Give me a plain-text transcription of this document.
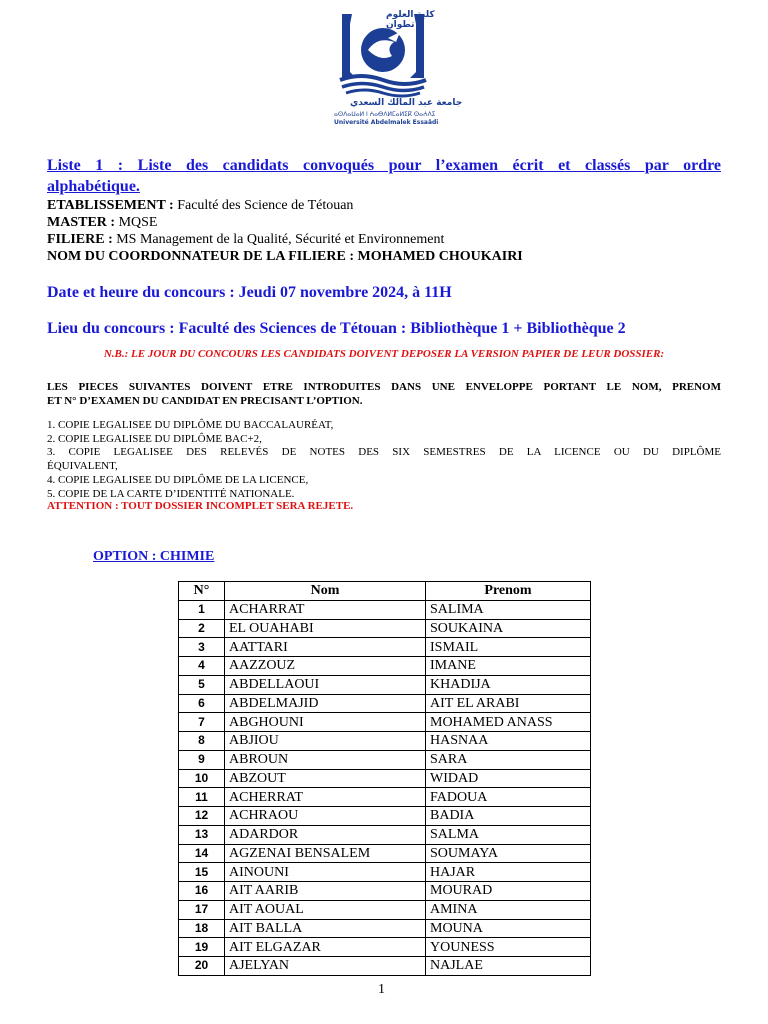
كلية العلوم تطوان
جامعة عبد المالك السعدي
ⴰⵙⴷⴰⵡⴰⵍ ⵏ ⵄⴰⴱⴷⵍⵎⴰⵍⵉⴽ ⵙⴰⵄⴷⵉ
Université Abdelmalek Essaâdi
Liste 1 : Liste des candidats convoqués pour l’examen écrit et classés par ordre
alphabétique.
ETABLISSEMENT : Faculté des Science de Tétouan
MASTER : MQSE
FILIERE : MS Management de la Qualité, Sécurité et Environnement
NOM DU COORDONNATEUR DE LA FILIERE : MOHAMED CHOUKAIRI
Date et heure du concours : Jeudi 07 novembre 2024, à 11H
Lieu du concours : Faculté des Sciences de Tétouan : Bibliothèque 1 + Bibliothèque 2
N.B.: LE JOUR DU CONCOURS LES CANDIDATS DOIVENT DEPOSER LA VERSION PAPIER DE LEUR DOSSIER:
LES PIECES SUIVANTES DOIVENT ETRE INTRODUITES DANS UNE ENVELOPPE PORTANT LE NOM, PRENOM
ET N° D’EXAMEN DU CANDIDAT EN PRECISANT L’OPTION.
1. COPIE LEGALISEE DU DIPLÔME DU BACCALAURÉAT,
2. COPIE LEGALISEE DU DIPLÔME BAC+2,
3. COPIE LEGALISEE DES RELEVÉS DE NOTES DES SIX SEMESTRES DE LA LICENCE OU DU DIPLÔME
ÉQUIVALENT,
4. COPIE LEGALISEE DU DIPLÔME DE LA LICENCE,
5. COPIE DE LA CARTE D’IDENTITÉ NATIONALE.
ATTENTION : TOUT DOSSIER INCOMPLET SERA REJETE.
OPTION : CHIMIE
N°	Nom	Prenom
1	ACHARRAT	SALIMA
2	EL OUAHABI	SOUKAINA
3	AATTARI	ISMAIL
4	AAZZOUZ	IMANE
5	ABDELLAOUI	KHADIJA
6	ABDELMAJID	AIT EL ARABI
7	ABGHOUNI	MOHAMED ANASS
8	ABJIOU	HASNAA
9	ABROUN	SARA
10	ABZOUT	WIDAD
11	ACHERRAT	FADOUA
12	ACHRAOU	BADIA
13	ADARDOR	SALMA
14	AGZENAI BENSALEM	SOUMAYA
15	AINOUNI	HAJAR
16	AIT AARIB	MOURAD
17	AIT AOUAL	AMINA
18	AIT BALLA	MOUNA
19	AIT ELGAZAR	YOUNESS
20	AJELYAN	NAJLAE
1
